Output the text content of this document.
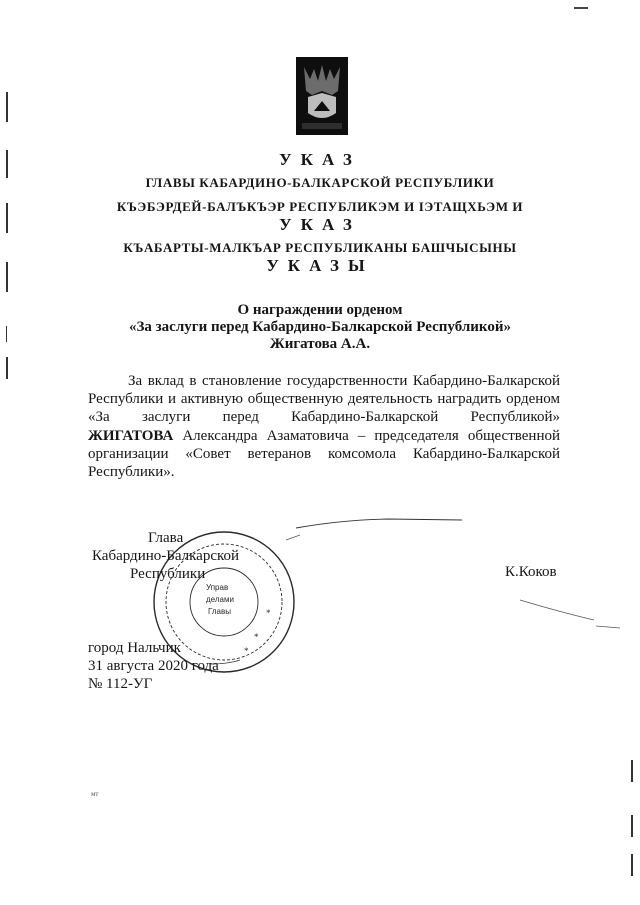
УКАЗ
ГЛАВЫ КАБАРДИНО-БАЛКАРСКОЙ РЕСПУБЛИКИ
КЪЭБЭРДЕЙ-БАЛЪКЪЭР РЕСПУБЛИКЭМ И ІЭТАЩХЬЭМ И
УКАЗ
КЪАБАРТЫ-МАЛКЪАР РЕСПУБЛИКАНЫ БАШЧЫСЫНЫ
УКАЗЫ
О награждении орденом
«За заслуги перед Кабардино-Балкарской Республикой»
Жигатова А.А.
За вклад в становление государственности Кабардино-Балкарской
Республики и активную общественную деятельность наградить орденом
«За заслуги перед Кабардино-Балкарской Республикой»
ЖИГАТОВА Александра Азаматовича – председателя общественной
организации «Совет ветеранов комсомола Кабардино-Балкарской
Республики».
Управ
делами
Главы	*
*
*
Глава
Кабардино-Балкарской
Республики	К.Коков
город Нальчик
31 августа 2020 года
№ 112-УГ
мт
